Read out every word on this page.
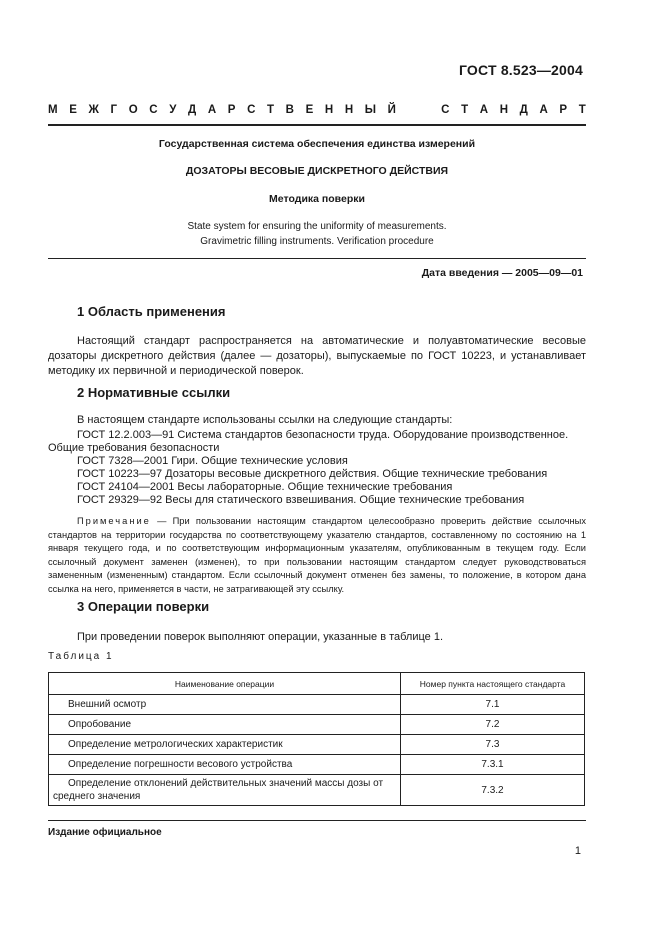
ГОСТ 8.523—2004
М Е Ж Г О С У Д А Р С Т В Е Н Н Ы Й	С Т А Н Д А Р Т
Государственная система обеспечения единства измерений
ДОЗАТОРЫ ВЕСОВЫЕ ДИСКРЕТНОГО ДЕЙСТВИЯ
Методика поверки
State system for ensuring the uniformity of measurements.
Gravimetric filling instruments. Verification procedure
Дата введения — 2005—09—01
1 Область применения
Настоящий стандарт распространяется на автоматические и полуавтоматические весовые дозаторы дискретного действия (далее — дозаторы), выпускаемые по ГОСТ 10223, и устанавливает методику их первичной и периодической поверок.
2 Нормативные ссылки
В настоящем стандарте использованы ссылки на следующие стандарты:
ГОСТ 12.2.003—91 Система стандартов безопасности труда. Оборудование производственное.
Общие требования безопасности
ГОСТ 7328—2001 Гири. Общие технические условия
ГОСТ 10223—97 Дозаторы весовые дискретного действия. Общие технические требования
ГОСТ 24104—2001 Весы лабораторные. Общие технические требования
ГОСТ 29329—92 Весы для статического взвешивания. Общие технические требования
Примечание — При пользовании настоящим стандартом целесообразно проверить действие ссылочных стандартов на территории государства по соответствующему указателю стандартов, составленному по состоянию на 1 января текущего года, и по соответствующим информационным указателям, опубликованным в текущем году. Если ссылочный документ заменен (изменен), то при пользовании настоящим стандартом следует руководствоваться замененным (измененным) стандартом. Если ссылочный документ отменен без замены, то положение, в котором дана ссылка на него, применяется в части, не затрагивающей эту ссылку.
3 Операции поверки
При проведении поверок выполняют операции, указанные в таблице 1.
Таблица 1
Наименование операции	Номер пункта настоящего стандарта
Внешний осмотр	7.1
Опробование	7.2
Определение метрологических характеристик	7.3
Определение погрешности весового устройства	7.3.1

Определение отклонений действительных значений массы дозы от
среднего значения	7.3.2
Издание официальное
1
